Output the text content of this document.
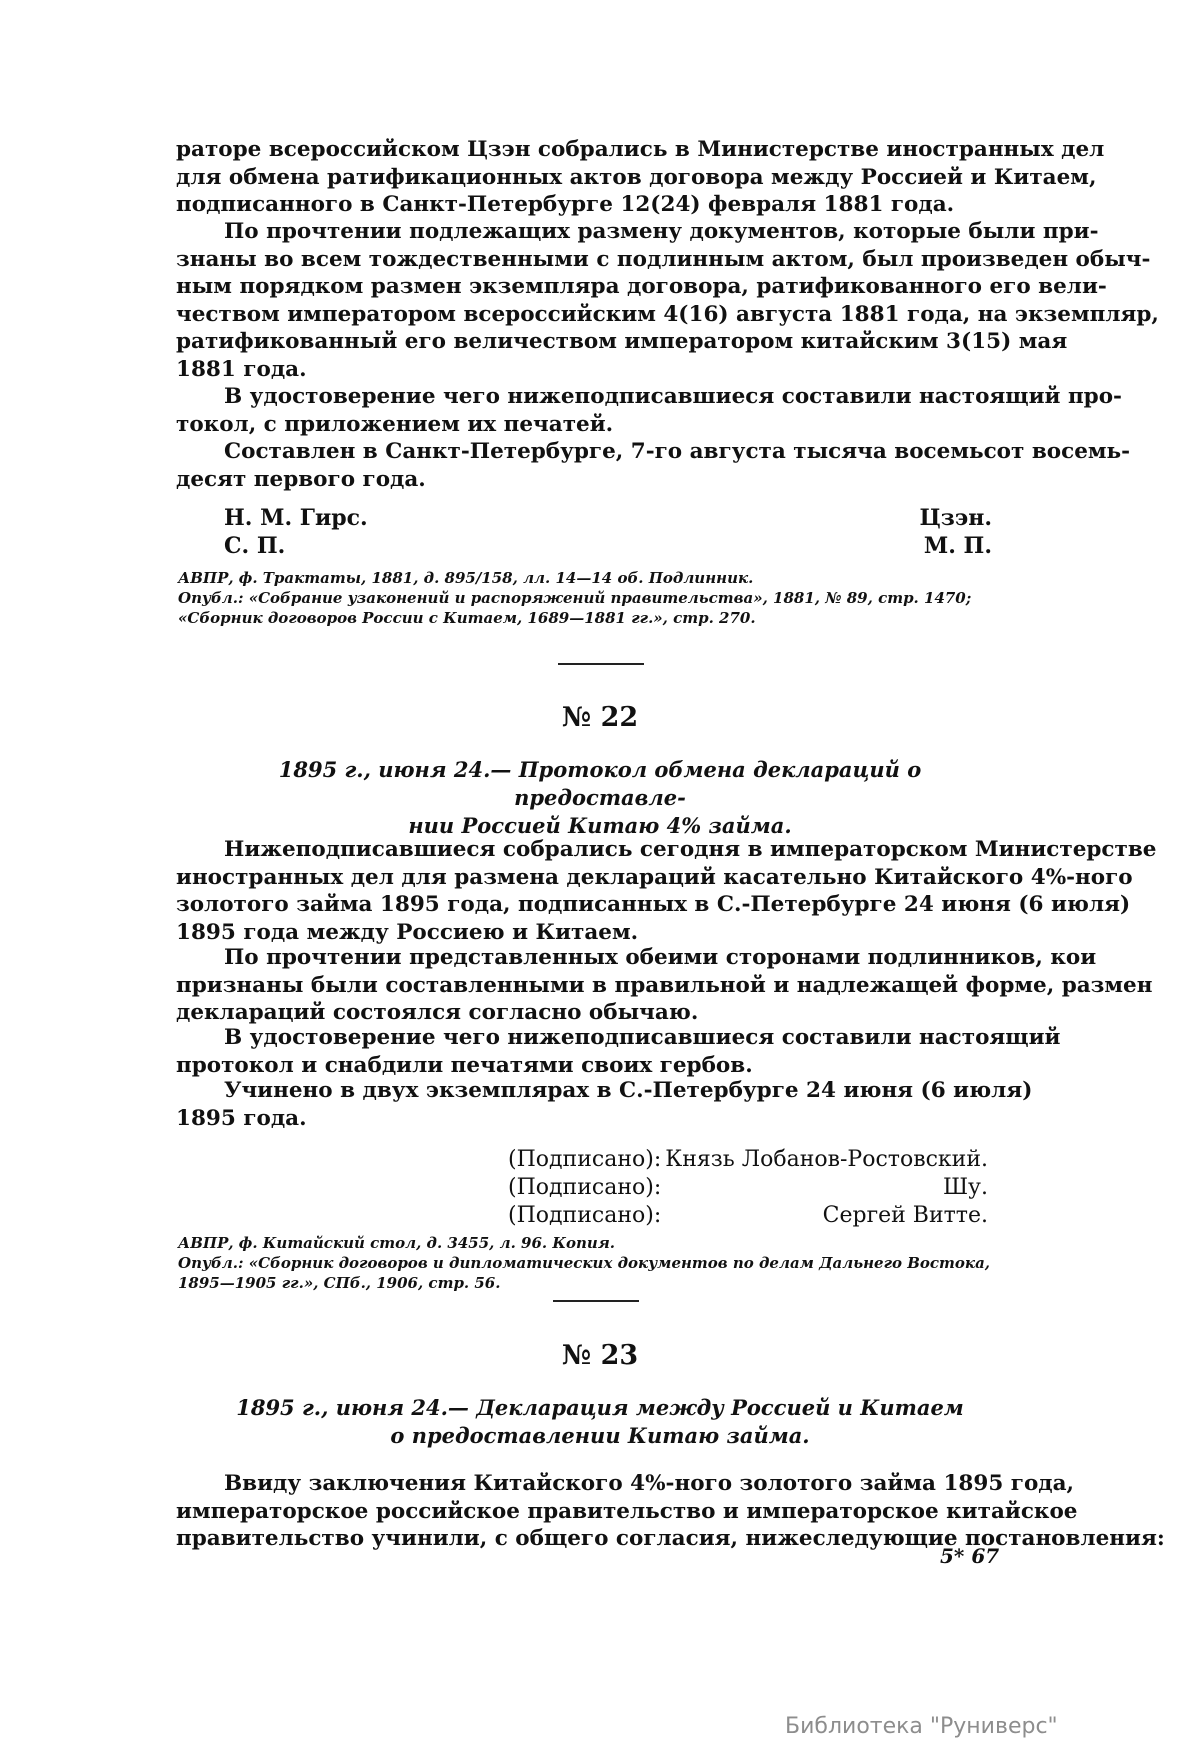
раторе всероссийском Цзэн собрались в Министерстве иностранных дел
для обмена ратификационных актов договора между Россией и Китаем,
подписанного в Санкт-Петербурге 12(24) февраля 1881 года.
По прочтении подлежащих размену документов, которые были при-
знаны во всем тождественными с подлинным актом, был произведен обыч-
ным порядком размен экземпляра договора, ратификованного его вели-
чеством императором всероссийским 4(16) августа 1881 года, на экземпляр,
ратификованный его величеством императором китайским 3(15) мая
1881 года.
В удостоверение чего нижеподписавшиеся составили настоящий про-
токол, с приложением их печатей.
Составлен в Санкт-Петербурге, 7-го августа тысяча восемьсот восемь-
десят первого года.
Н. М. Гирс.	Цзэн.
С. П.	М. П.
АВПР, ф. Трактаты, 1881, д. 895/158, лл. 14—14 об. Подлинник.
Опубл.: «Собрание узаконений и распоряжений правительства», 1881, № 89, стр. 1470;
«Сборник договоров России с Китаем, 1689—1881 гг.», стр. 270.
№ 22
1895 г., июня 24.— Протокол обмена деклараций о предоставле-
нии Россией Китаю 4% займа.
Нижеподписавшиеся собрались сегодня в императорском Министерстве
иностранных дел для размена деклараций касательно Китайского 4%-ного
золотого займа 1895 года, подписанных в С.-Петербурге 24 июня (6 июля)
1895 года между Россиею и Китаем.
По прочтении представленных обеими сторонами подлинников, кои
признаны были составленными в правильной и надлежащей форме, размен
деклараций состоялся согласно обычаю.
В удостоверение чего нижеподписавшиеся составили настоящий
протокол и снабдили печатями своих гербов.
Учинено в двух экземплярах в С.-Петербурге 24 июня (6 июля)
1895 года.
(Подписано): Князь Лобанов-Ростовский.
(Подписано):	Шу.
(Подписано):	Сергей Витте.
АВПР, ф. Китайский стол, д. 3455, л. 96. Копия.
Опубл.: «Сборник договоров и дипломатических документов по делам Дальнего Востока,
1895—1905 гг.», СПб., 1906, стр. 56.
№ 23
1895 г., июня 24.— Декларация между Россией и Китаем
о предоставлении Китаю займа.
Ввиду заключения Китайского 4%-ного золотого займа 1895 года,
императорское российское правительство и императорское китайское
правительство учинили, с общего согласия, нижеследующие постановления:
5* 67
Библиотека "Руниверс"
